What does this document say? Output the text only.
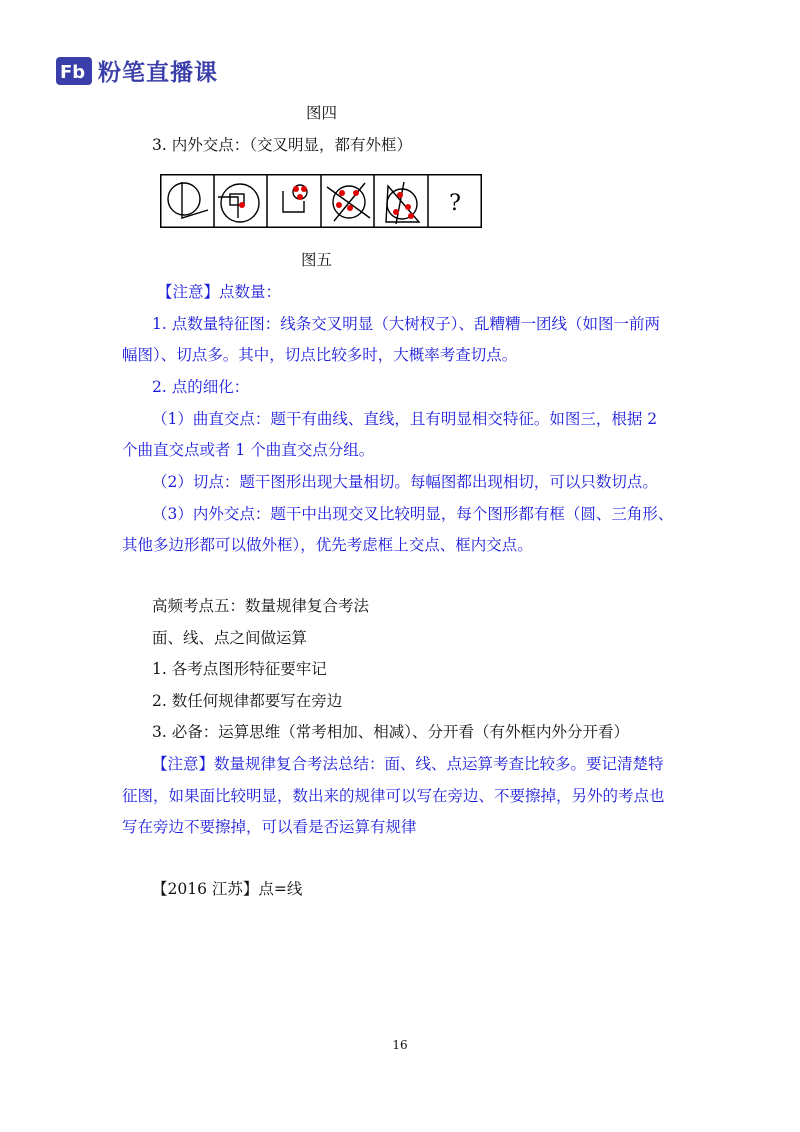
Fb 粉笔直播课
图四
3. 内外交点：（交叉明显，都有外框）
?
图五
【注意】点数量：
1. 点数量特征图：线条交叉明显（大树杈子）、乱糟糟一团线（如图一前两
幅图）、切点多。其中，切点比较多时，大概率考查切点。
2. 点的细化：
（1）曲直交点：题干有曲线、直线，且有明显相交特征。如图三，根据 2
个曲直交点或者 1 个曲直交点分组。
（2）切点：题干图形出现大量相切。每幅图都出现相切，可以只数切点。
（3）内外交点：题干中出现交叉比较明显，每个图形都有框（圆、三角形、
其他多边形都可以做外框），优先考虑框上交点、框内交点。
高频考点五：数量规律复合考法
面、线、点之间做运算
1. 各考点图形特征要牢记
2. 数任何规律都要写在旁边
3. 必备：运算思维（常考相加、相减）、分开看（有外框内外分开看）
【注意】数量规律复合考法总结：面、线、点运算考查比较多。要记清楚特
征图，如果面比较明显，数出来的规律可以写在旁边、不要擦掉，另外的考点也
写在旁边不要擦掉，可以看是否运算有规律
【2016 江苏】点=线
16
